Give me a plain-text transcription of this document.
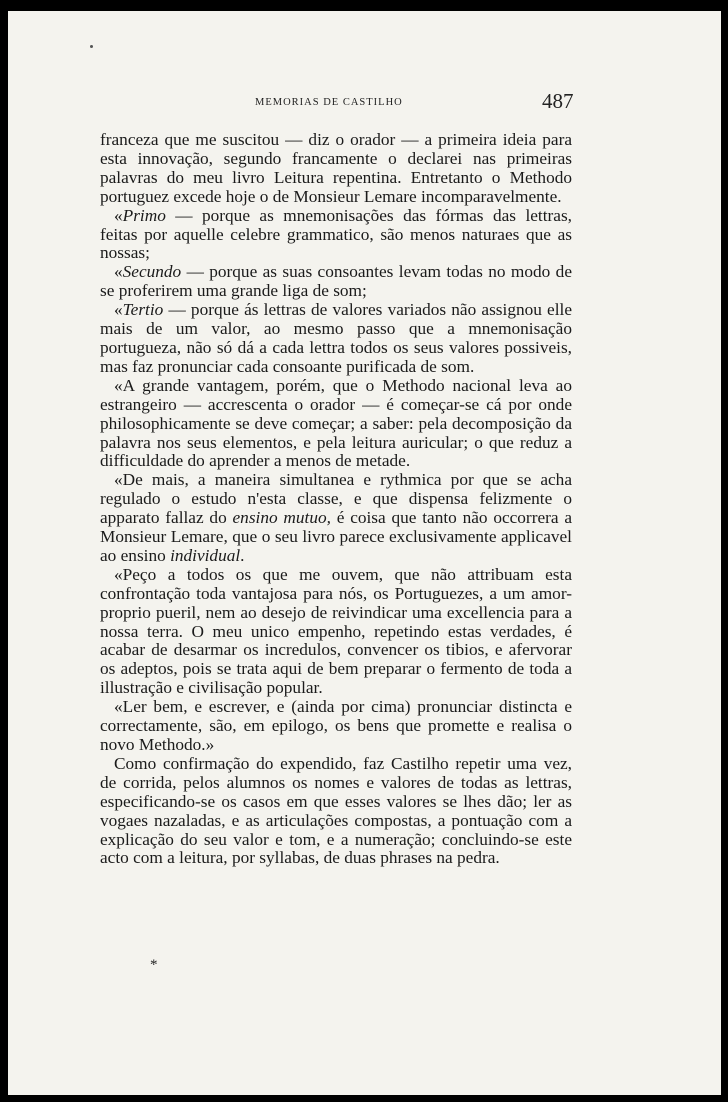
MEMORIAS DE CASTILHO	487

franceza que me suscitou — diz o orador — a primeira ideia para esta innovação, segundo francamente o declarei nas primeiras palavras do meu livro Leitura repentina. Entretanto o Methodo portuguez excede hoje o de Monsieur Lemare incomparavelmente.

«Primo — porque as mnemonisações das fórmas das lettras, feitas por aquelle celebre grammatico, são menos naturaes que as nossas;

«Secundo — porque as suas consoantes levam todas no modo de se proferirem uma grande liga de som;

«Tertio — porque ás lettras de valores variados não assignou elle mais de um valor, ao mesmo passo que a mnemonisação portugueza, não só dá a cada lettra todos os seus valores possiveis, mas faz pronunciar cada consoante purificada de som.

«A grande vantagem, porém, que o Methodo nacional leva ao estrangeiro — accrescenta o orador — é começar-se cá por onde philosophicamente se deve começar; a saber: pela decomposição da palavra nos seus elementos, e pela leitura auricular; o que reduz a difficuldade do aprender a menos de metade.

«De mais, a maneira simultanea e rythmica por que se acha regulado o estudo n'esta classe, e que dispensa felizmente o apparato fallaz do ensino mutuo, é coisa que tanto não occorrera a Monsieur Lemare, que o seu livro parece exclusivamente applicavel ao ensino individual.

«Peço a todos os que me ouvem, que não attribuam esta confrontação toda vantajosa para nós, os Portuguezes, a um amor-proprio pueril, nem ao desejo de reivindicar uma excellencia para a nossa terra. O meu unico empenho, repetindo estas verdades, é acabar de desarmar os incredulos, convencer os tibios, e afervorar os adeptos, pois se trata aqui de bem preparar o fermento de toda a illustração e civilisação popular.

«Ler bem, e escrever, e (ainda por cima) pronunciar distincta e correctamente, são, em epilogo, os bens que promette e realisa o novo Methodo.»

Como confirmação do expendido, faz Castilho repetir uma vez, de corrida, pelos alumnos os nomes e valores de todas as lettras, especificando-se os casos em que esses valores se lhes dão; ler as vogaes nazaladas, e as articulações compostas, a pontuação com a explicação do seu valor e tom, e a numeração; concluindo-se este acto com a leitura, por syllabas, de duas phrases na pedra.

*
